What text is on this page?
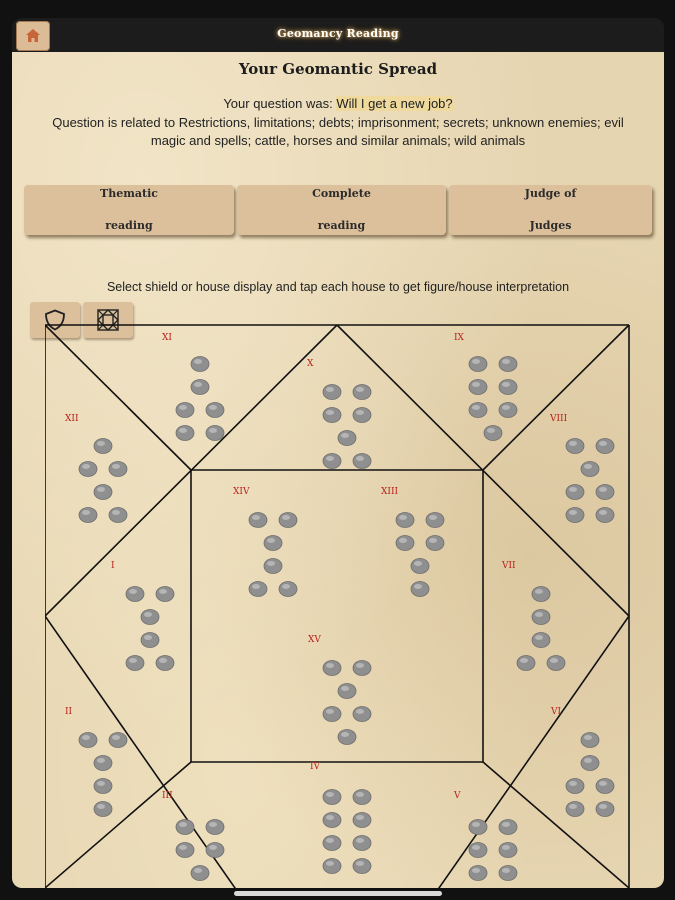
Geomancy Reading
Your Geomantic Spread
Your question was: Will I get a new job?
Question is related to Restrictions, limitations; debts; imprisonment; secrets; unknown enemies; evil magic and spells; cattle, horses and similar animals; wild animals
Thematic

reading
Complete

reading
Judge of

Judges
Select shield or house display and tap each house to get figure/house interpretation
I
II
III
IV
V
VI
VII
VIII
IX
X
XI
XII
XIII
XIV
XV
